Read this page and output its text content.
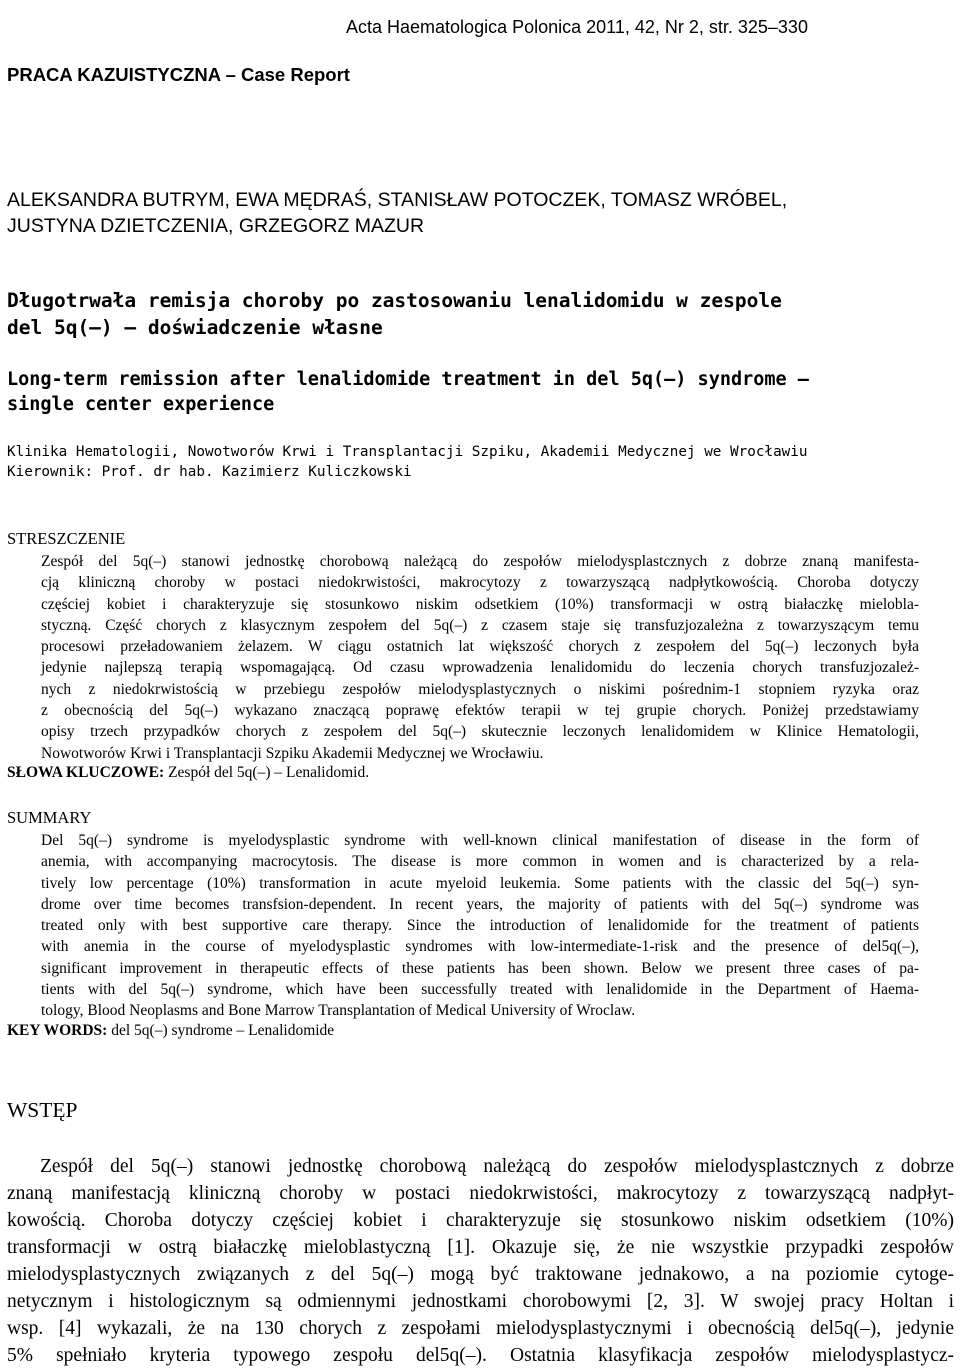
Acta Haematologica Polonica 2011, 42, Nr 2, str. 325–330
PRACA KAZUISTYCZNA – Case Report
ALEKSANDRA BUTRYM, EWA MĘDRAŚ, STANISŁAW POTOCZEK, TOMASZ WRÓBEL,
JUSTYNA DZIETCZENIA, GRZEGORZ MAZUR
Długotrwała remisja choroby po zastosowaniu lenalidomidu w zespole
del 5q(–) – doświadczenie własne
Long-term remission after lenalidomide treatment in del 5q(–) syndrome –
single center experience
Klinika Hematologii, Nowotworów Krwi i Transplantacji Szpiku, Akademii Medycznej we Wrocławiu
Kierownik: Prof. dr hab. Kazimierz Kuliczkowski
STRESZCZENIE
Zespół del 5q(–) stanowi jednostkę chorobową należącą do zespołów mielodysplastcznych z dobrze znaną manifesta-
cją kliniczną choroby w postaci niedokrwistości, makrocytozy z towarzyszącą nadpłytkowością. Choroba dotyczy
częściej kobiet i charakteryzuje się stosunkowo niskim odsetkiem (10%) transformacji w ostrą białaczkę mielobla-
styczną. Część chorych z klasycznym zespołem del 5q(–) z czasem staje się transfuzjozależna z towarzyszącym temu
procesowi przeładowaniem żelazem. W ciągu ostatnich lat większość chorych z zespołem del 5q(–) leczonych była
jedynie najlepszą terapią wspomagającą. Od czasu wprowadzenia lenalidomidu do leczenia chorych transfuzjozależ-
nych z niedokrwistością w przebiegu zespołów mielodysplastycznych o niskimi pośrednim-1 stopniem ryzyka oraz
z obecnością del 5q(–) wykazano znaczącą poprawę efektów terapii w tej grupie chorych. Poniżej przedstawiamy
opisy trzech przypadków chorych z zespołem del 5q(–) skutecznie leczonych lenalidomidem w Klinice Hematologii,
Nowotworów Krwi i Transplantacji Szpiku Akademii Medycznej we Wrocławiu.
SŁOWA KLUCZOWE: Zespół del 5q(–) – Lenalidomid.
SUMMARY
Del 5q(–) syndrome is myelodysplastic syndrome with well-known clinical manifestation of disease in the form of
anemia, with accompanying macrocytosis. The disease is more common in women and is characterized by a rela-
tively low percentage (10%) transformation in acute myeloid leukemia. Some patients with the classic del 5q(–) syn-
drome over time becomes transfsion-dependent. In recent years, the majority of patients with del 5q(–) syndrome was
treated only with best supportive care therapy. Since the introduction of lenalidomide for the treatment of patients
with anemia in the course of myelodysplastic syndromes with low-intermediate-1-risk and the presence of del5q(–),
significant improvement in therapeutic effects of these patients has been shown. Below we present three cases of pa-
tients with del 5q(–) syndrome, which have been successfully treated with lenalidomide in the Department of Haema-
tology, Blood Neoplasms and Bone Marrow Transplantation of Medical University of Wroclaw.
KEY WORDS: del 5q(–) syndrome – Lenalidomide
WSTĘP
Zespół del 5q(–) stanowi jednostkę chorobową należącą do zespołów mielodysplastcznych z dobrze
znaną manifestacją kliniczną choroby w postaci niedokrwistości, makrocytozy z towarzyszącą nadpłyt-
kowością. Choroba dotyczy częściej kobiet i charakteryzuje się stosunkowo niskim odsetkiem (10%)
transformacji w ostrą białaczkę mieloblastyczną [1]. Okazuje się, że nie wszystkie przypadki zespołów
mielodysplastycznych związanych z del 5q(–) mogą być traktowane jednakowo, a na poziomie cytoge-
netycznym i histologicznym są odmiennymi jednostkami chorobowymi [2, 3]. W swojej pracy Holtan i
wsp. [4] wykazali, że na 130 chorych z zespołami mielodysplastycznymi i obecnością del5q(–), jedynie
5% spełniało kryteria typowego zespołu del5q(–). Ostatnia klasyfikacja zespołów mielodysplastycz-
